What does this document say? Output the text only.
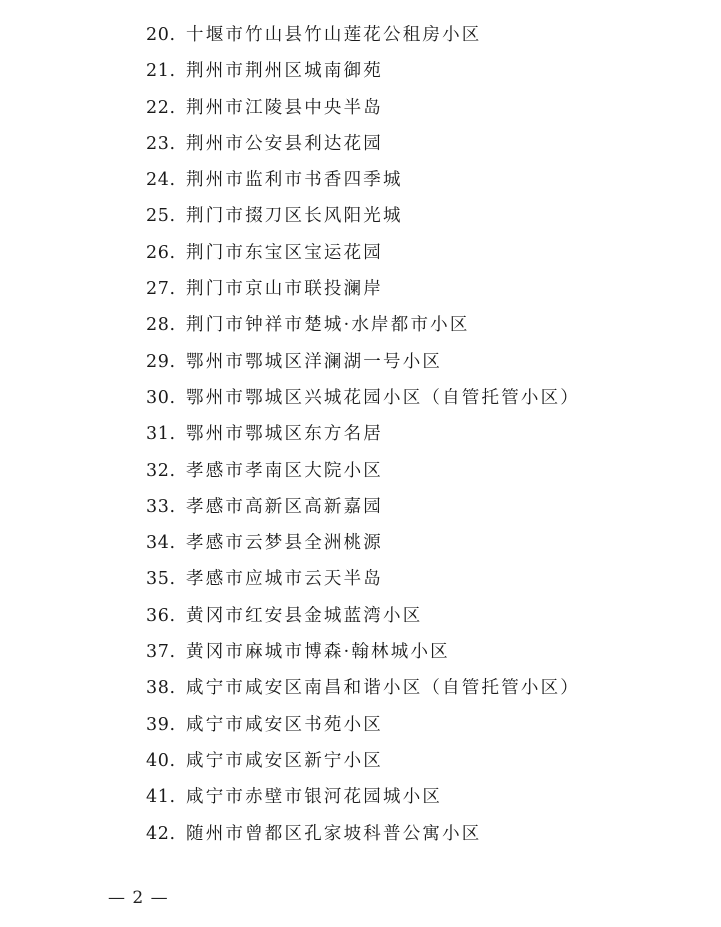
20. 十堰市竹山县竹山莲花公租房小区
21. 荆州市荆州区城南御苑
22. 荆州市江陵县中央半岛
23. 荆州市公安县利达花园
24. 荆州市监利市书香四季城
25. 荆门市掇刀区长风阳光城
26. 荆门市东宝区宝运花园
27. 荆门市京山市联投澜岸
28. 荆门市钟祥市楚城·水岸都市小区
29. 鄂州市鄂城区洋澜湖一号小区
30. 鄂州市鄂城区兴城花园小区（自管托管小区）
31. 鄂州市鄂城区东方名居
32. 孝感市孝南区大院小区
33. 孝感市高新区高新嘉园
34. 孝感市云梦县全洲桃源
35. 孝感市应城市云天半岛
36. 黄冈市红安县金城蓝湾小区
37. 黄冈市麻城市博森·翰林城小区
38. 咸宁市咸安区南昌和谐小区（自管托管小区）
39. 咸宁市咸安区书苑小区
40. 咸宁市咸安区新宁小区
41. 咸宁市赤壁市银河花园城小区
42. 随州市曾都区孔家坡科普公寓小区
— 2 —
